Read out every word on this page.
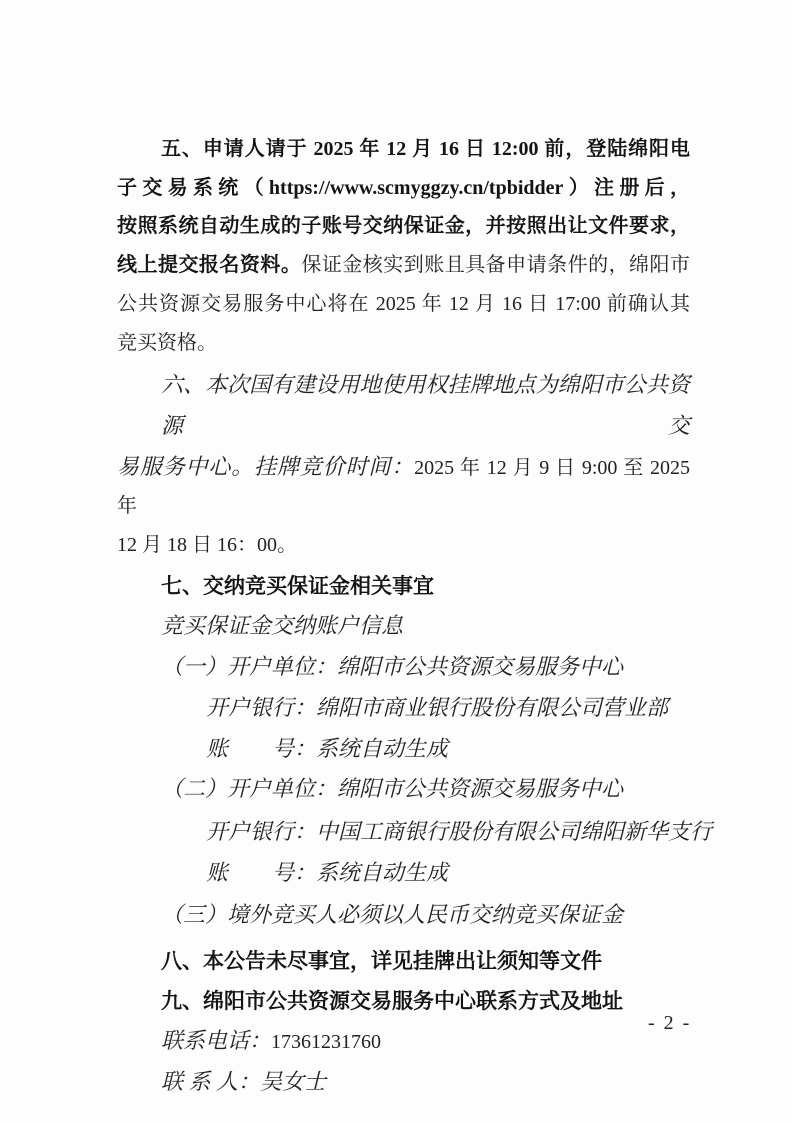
五、申请人请于 2025 年 12 月 16 日 12:00 前，登陆绵阳电
子交易系统（https://www.scmyggzy.cn/tpbidder）注册后，
按照系统自动生成的子账号交纳保证金，并按照出让文件要求，
线上提交报名资料。保证金核实到账且具备申请条件的，绵阳市
公共资源交易服务中心将在 2025 年 12 月 16 日 17:00 前确认其
竞买资格。
六、本次国有建设用地使用权挂牌地点为绵阳市公共资源交
易服务中心。挂牌竞价时间：2025 年 12 月 9 日 9:00 至 2025 年
12 月 18 日 16：00。
七、交纳竞买保证金相关事宜
竞买保证金交纳账户信息
（一）开户单位：绵阳市公共资源交易服务中心
开户银行：绵阳市商业银行股份有限公司营业部
账　　号：系统自动生成
（二）开户单位：绵阳市公共资源交易服务中心
开户银行：中国工商银行股份有限公司绵阳新华支行
账　　号：系统自动生成
（三）境外竞买人必须以人民币交纳竞买保证金
八、本公告未尽事宜，详见挂牌出让须知等文件
九、绵阳市公共资源交易服务中心联系方式及地址
联系电话：17361231760
联 系 人：吴女士
- 2 -
